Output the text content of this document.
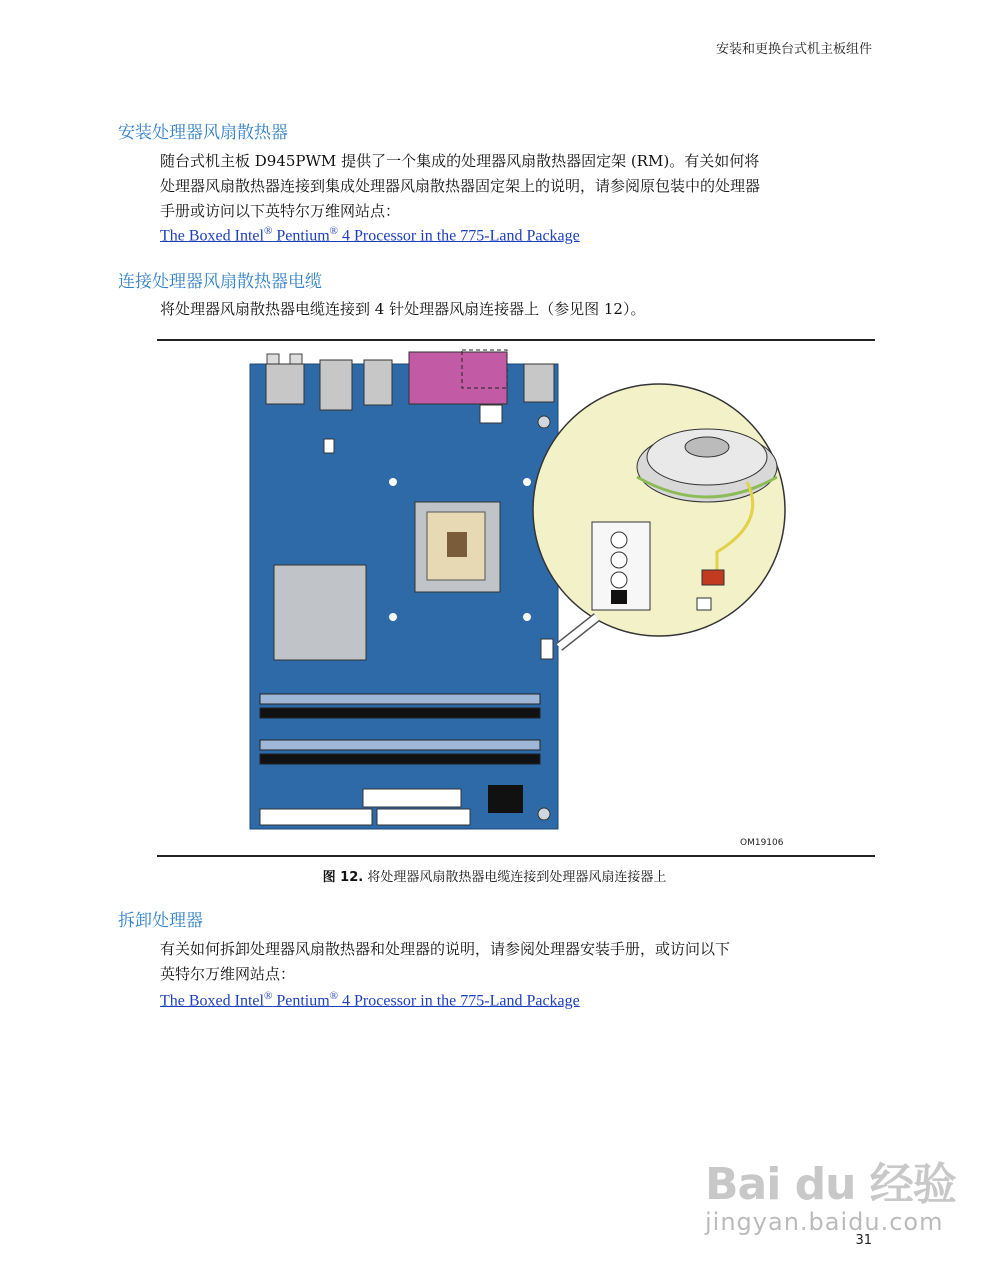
安装和更换台式机主板组件
安装处理器风扇散热器
随台式机主板 D945PWM 提供了一个集成的处理器风扇散热器固定架 (RM)。有关如何将
处理器风扇散热器连接到集成处理器风扇散热器固定架上的说明，请参阅原包装中的处理器
手册或访问以下英特尔万维网站点：
The Boxed Intel® Pentium® 4 Processor in the 775-Land Package
连接处理器风扇散热器电缆
将处理器风扇散热器电缆连接到 4 针处理器风扇连接器上（参见图 12）。
OM19106
图 12. 将处理器风扇散热器电缆连接到处理器风扇连接器上
拆卸处理器
有关如何拆卸处理器风扇散热器和处理器的说明，请参阅处理器安装手册，或访问以下
英特尔万维网站点：
The Boxed Intel® Pentium® 4 Processor in the 775-Land Package
Bai du 经验
jingyan.baidu.com
31
